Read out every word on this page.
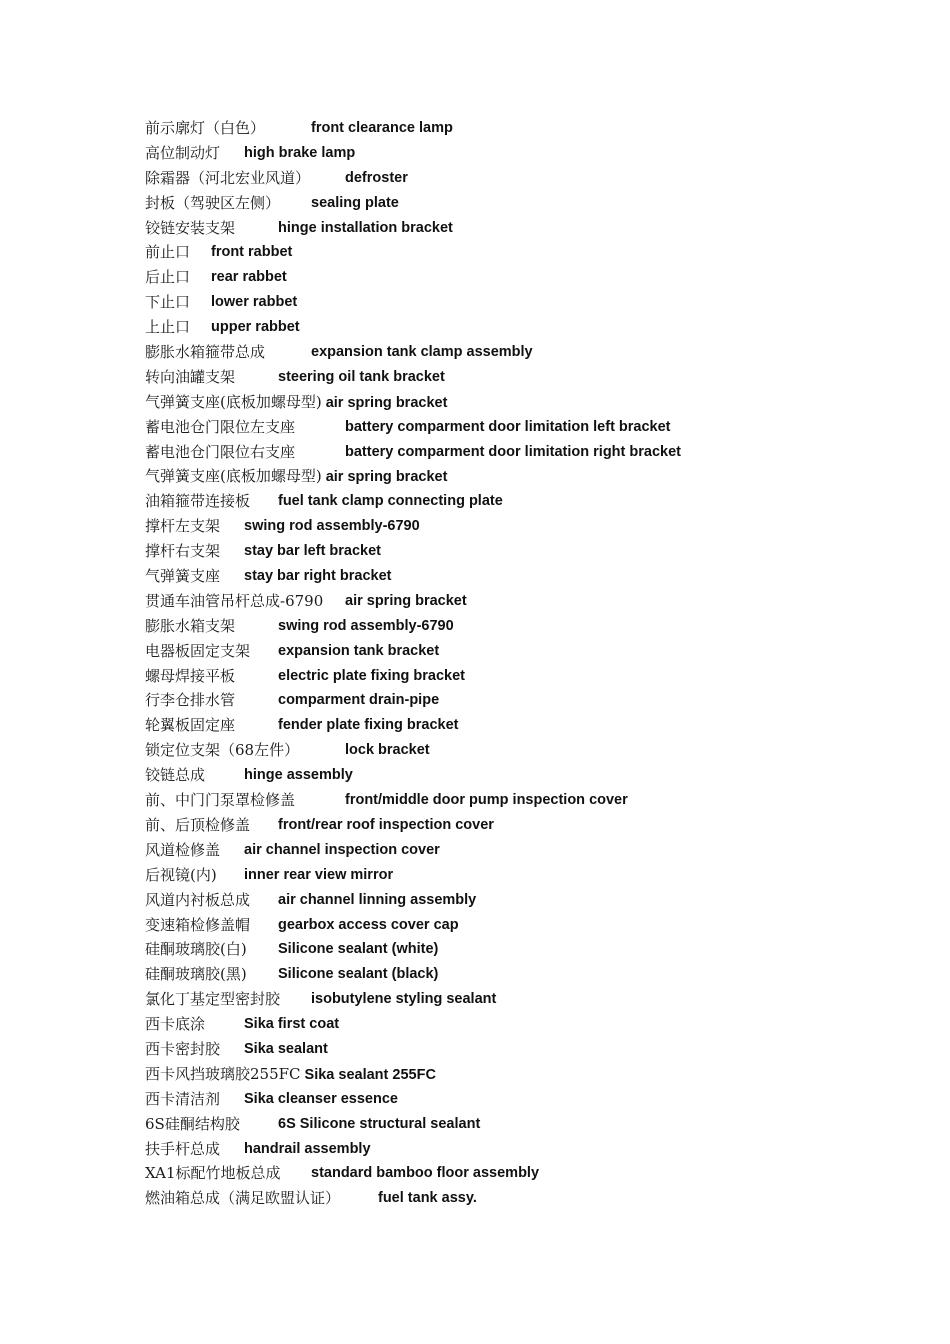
前示廓灯（白色）	front clearance lamp
高位制动灯 high brake lamp
除霜器（河北宏业风道） defroster
封板（驾驶区左侧） sealing plate
铰链安装支架	hinge installation bracket
前止口 front rabbet
后止口 rear rabbet
下止口 lower rabbet
上止口 upper rabbet
膨胀水箱箍带总成	expansion tank clamp assembly
转向油罐支架	steering oil tank bracket
气弹簧支座(底板加螺母型) air spring bracket
蓄电池仓门限位左支座	battery comparment door limitation left bracket
蓄电池仓门限位右支座	battery comparment door limitation right bracket
气弹簧支座(底板加螺母型) air spring bracket
油箱箍带连接板 fuel tank clamp connecting plate
撑杆左支架 swing rod assembly-6790
撑杆右支架 stay bar left bracket
气弹簧支座 stay bar right bracket
贯通车油管吊杆总成-6790 air spring bracket
膨胀水箱支架	swing rod assembly-6790
电器板固定支架 expansion tank bracket
螺母焊接平板	electric plate fixing bracket
行李仓排水管	comparment drain-pipe
轮翼板固定座	fender plate fixing bracket
锁定位支架（68左件）	lock bracket
铰链总成	hinge assembly
前、中门门泵罩检修盖	front/middle door pump inspection cover
前、后顶检修盖 front/rear roof inspection cover
风道检修盖 air channel inspection cover
后视镜(内) inner rear view mirror
风道内衬板总成 air channel linning assembly
变速箱检修盖帽 gearbox access cover cap
硅酮玻璃胶(白) Silicone sealant (white)
硅酮玻璃胶(黑) Silicone sealant (black)
氯化丁基定型密封胶 isobutylene styling sealant
西卡底涂	Sika first coat
西卡密封胶 Sika sealant
西卡风挡玻璃胶255FC Sika sealant 255FC
西卡清洁剂 Sika cleanser essence
6S硅酮结构胶	6S Silicone structural sealant
扶手杆总成 handrail assembly
XA1标配竹地板总成 standard bamboo floor assembly
燃油箱总成（满足欧盟认证）	fuel tank assy.
